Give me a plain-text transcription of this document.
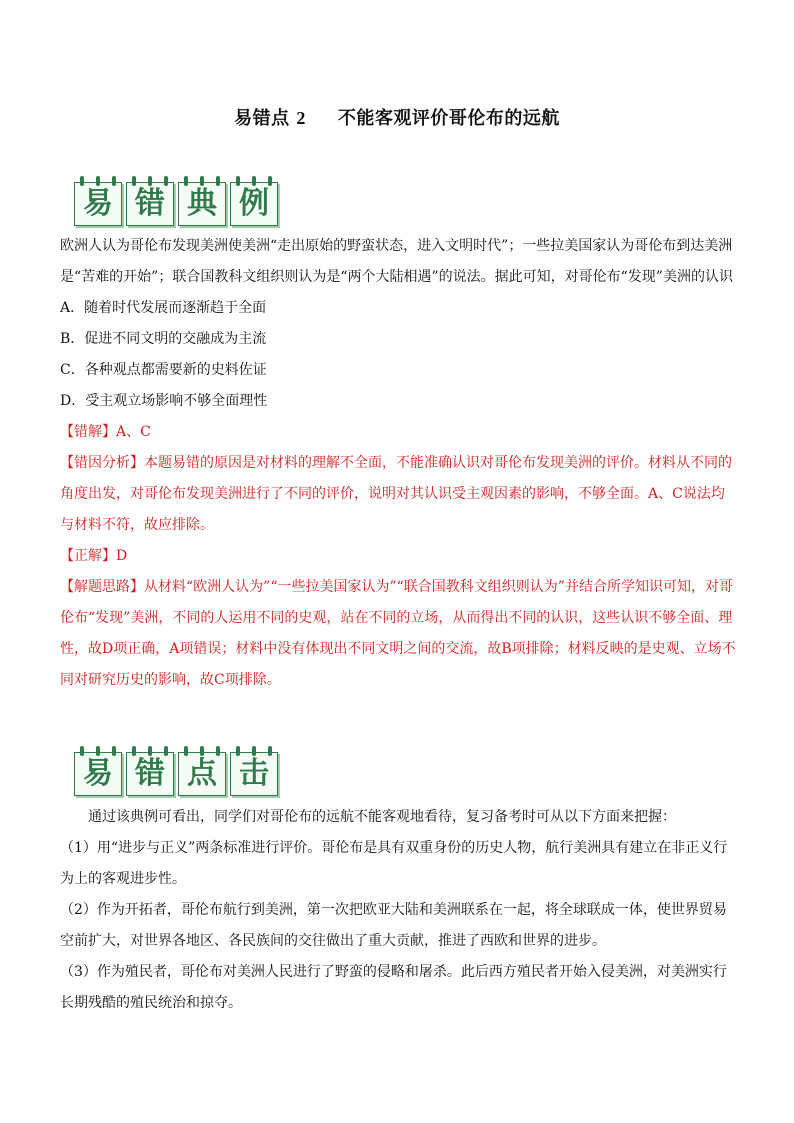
易错点 2 　 不能客观评价哥伦布的远航
易 错 典 例

欧洲人认为哥伦布发现美洲使美洲“走出原始的野蛮状态，进入文明时代”；一些拉美国家认为哥伦布到达美洲是“苦难的开始”；联合国教科文组织则认为是“两个大陆相遇”的说法。据此可知，对哥伦布“发现”美洲的认识

A．随着时代发展而逐渐趋于全面

B．促进不同文明的交融成为主流

C．各种观点都需要新的史料佐证

D．受主观立场影响不够全面理性

【错解】A、C

【错因分析】本题易错的原因是对材料的理解不全面，不能准确认识对哥伦布发现美洲的评价。材料从不同的角度出发，对哥伦布发现美洲进行了不同的评价，说明对其认识受主观因素的影响，不够全面。A、C说法均与材料不符，故应排除。

【正解】D

【解题思路】从材料“欧洲人认为”“一些拉美国家认为”“联合国教科文组织则认为”并结合所学知识可知，对哥伦布“发现”美洲，不同的人运用不同的史观，站在不同的立场，从而得出不同的认识，这些认识不够全面、理性，故D项正确，A项错误；材料中没有体现出不同文明之间的交流，故B项排除；材料反映的是史观、立场不同对研究历史的影响，故C项排除。

易 错 点 击

通过该典例可看出，同学们对哥伦布的远航不能客观地看待，复习备考时可从以下方面来把握：

（1）用“进步与正义”两条标准进行评价。哥伦布是具有双重身份的历史人物，航行美洲具有建立在非正义行为上的客观进步性。

（2）作为开拓者，哥伦布航行到美洲，第一次把欧亚大陆和美洲联系在一起，将全球联成一体，使世界贸易空前扩大，对世界各地区、各民族间的交往做出了重大贡献，推进了西欧和世界的进步。

（3）作为殖民者，哥伦布对美洲人民进行了野蛮的侵略和屠杀。此后西方殖民者开始入侵美洲，对美洲实行长期残酷的殖民统治和掠夺。
